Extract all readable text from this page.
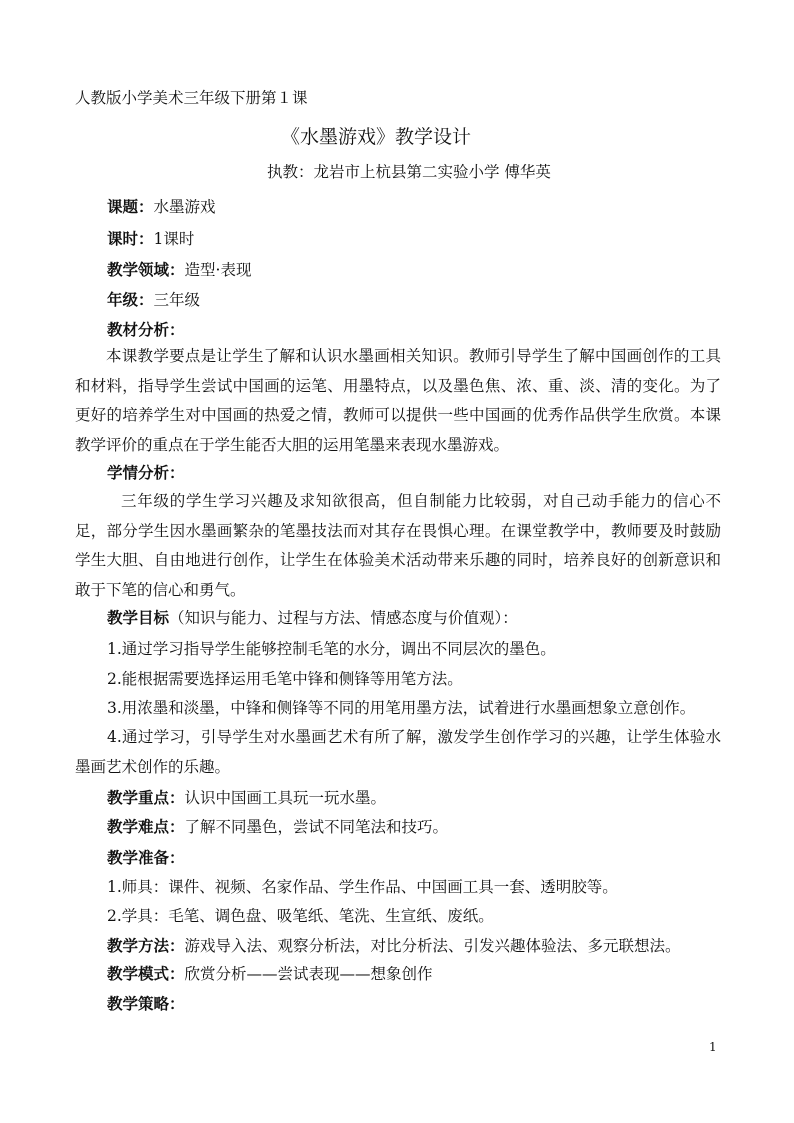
人教版小学美术三年级下册第１课
《水墨游戏》教学设计
执教：龙岩市上杭县第二实验小学 傅华英
课题：水墨游戏
课时：1课时
教学领域：造型·表现
年级：三年级
教材分析：
本课教学要点是让学生了解和认识水墨画相关知识。教师引导学生了解中国画创作的工具和材料，指导学生尝试中国画的运笔、用墨特点，以及墨色焦、浓、重、淡、清的变化。为了更好的培养学生对中国画的热爱之情，教师可以提供一些中国画的优秀作品供学生欣赏。本课教学评价的重点在于学生能否大胆的运用笔墨来表现水墨游戏。
学情分析：
三年级的学生学习兴趣及求知欲很高，但自制能力比较弱，对自己动手能力的信心不足，部分学生因水墨画繁杂的笔墨技法而对其存在畏惧心理。在课堂教学中，教师要及时鼓励学生大胆、自由地进行创作，让学生在体验美术活动带来乐趣的同时，培养良好的创新意识和敢于下笔的信心和勇气。
教学目标（知识与能力、过程与方法、情感态度与价值观）：
1.通过学习指导学生能够控制毛笔的水分，调出不同层次的墨色。
2.能根据需要选择运用毛笔中锋和侧锋等用笔方法。
3.用浓墨和淡墨，中锋和侧锋等不同的用笔用墨方法，试着进行水墨画想象立意创作。
4.通过学习，引导学生对水墨画艺术有所了解，激发学生创作学习的兴趣，让学生体验水墨画艺术创作的乐趣。
教学重点：认识中国画工具玩一玩水墨。
教学难点：了解不同墨色，尝试不同笔法和技巧。
教学准备：
1.师具：课件、视频、名家作品、学生作品、中国画工具一套、透明胶等。
2.学具：毛笔、调色盘、吸笔纸、笔洗、生宣纸、废纸。
教学方法：游戏导入法、观察分析法，对比分析法、引发兴趣体验法、多元联想法。
教学模式：欣赏分析——尝试表现——想象创作
教学策略：
1
